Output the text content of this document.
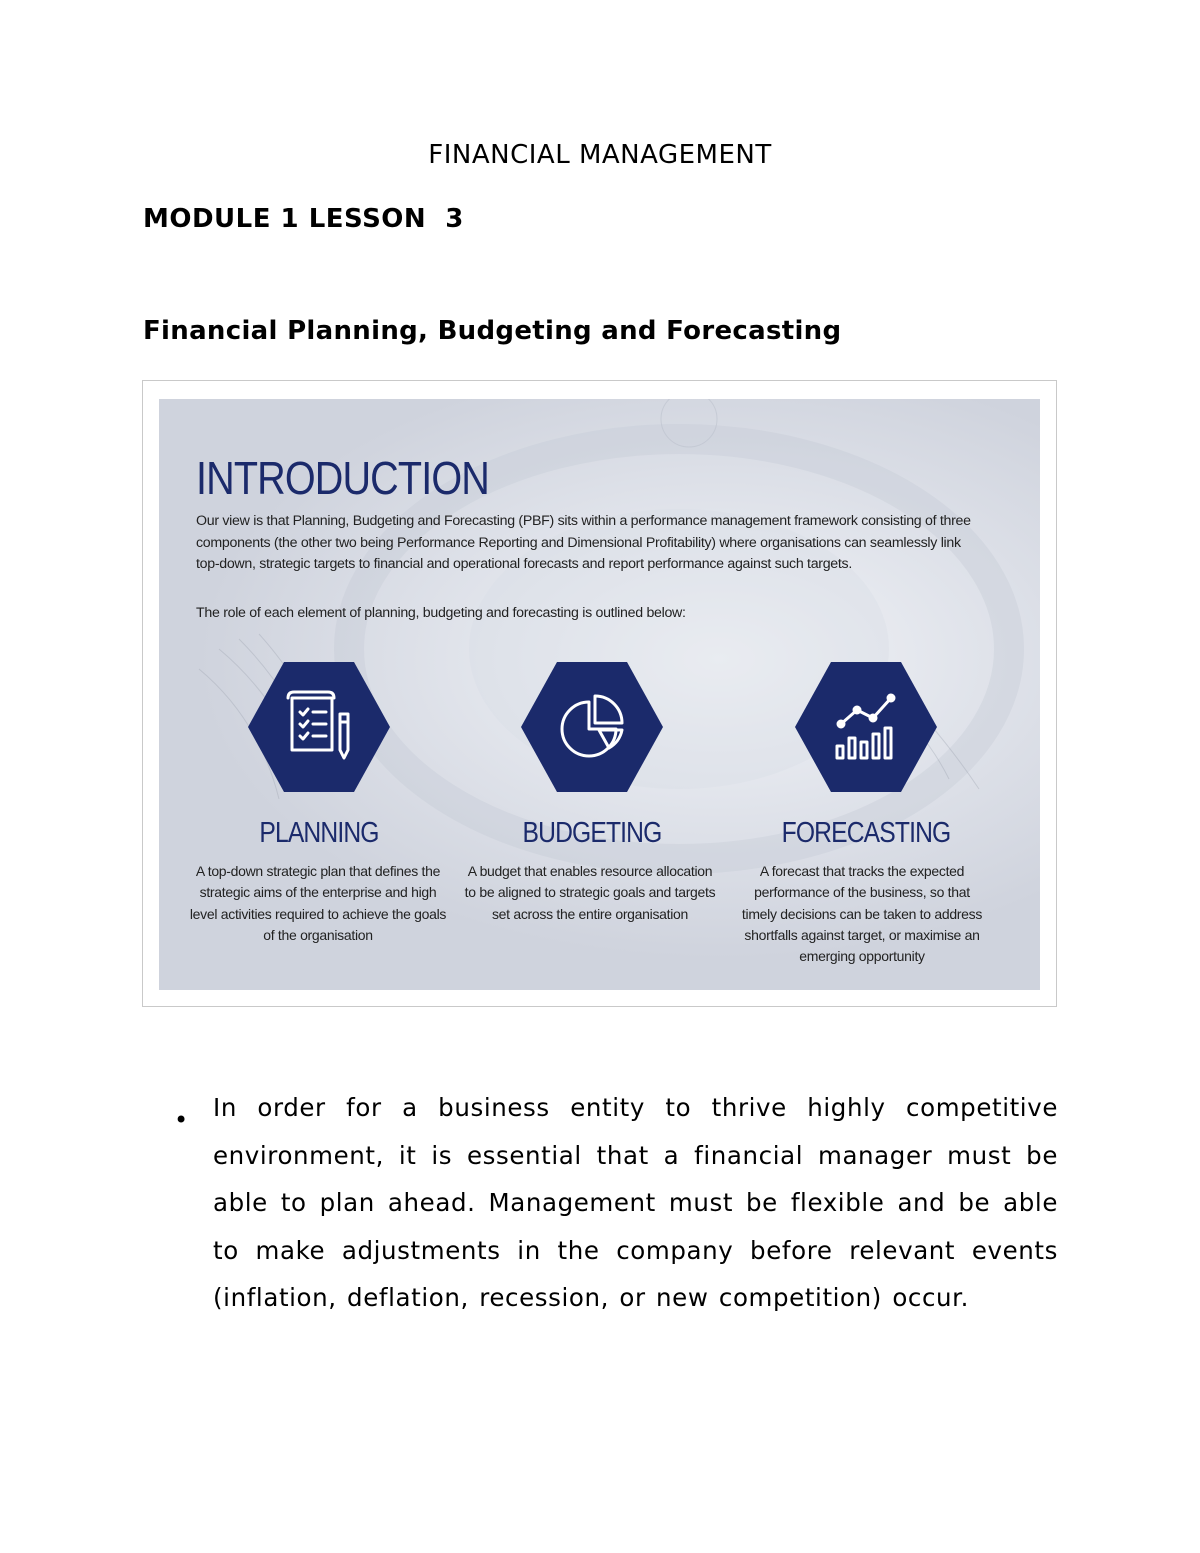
FINANCIAL MANAGEMENT
MODULE 1 LESSON  3
Financial Planning, Budgeting and Forecasting
INTRODUCTION
Our view is that Planning, Budgeting and Forecasting (PBF) sits within a performance management framework consisting of three components (the other two being Performance Reporting and Dimensional Profitability) where organisations can seamlessly link top-down, strategic targets to financial and operational forecasts and report performance against such targets.
The role of each element of planning, budgeting and forecasting is outlined below:
PLANNING	BUDGETING	FORECASTING
A top-down strategic plan that defines the strategic aims of the enterprise and high level activities required to achieve the goals of the organisation
A budget that enables resource allocation to be aligned to strategic goals and targets set across the entire organisation
A forecast that tracks the expected performance of the business, so that timely decisions can be taken to address shortfalls against target, or maximise an emerging opportunity
• In order for a business entity to thrive highly competitive environment, it is essential that a financial manager must be able to plan ahead. Management must be flexible and be able to make adjustments in the company before relevant events (inflation, deflation, recession, or new competition) occur.
